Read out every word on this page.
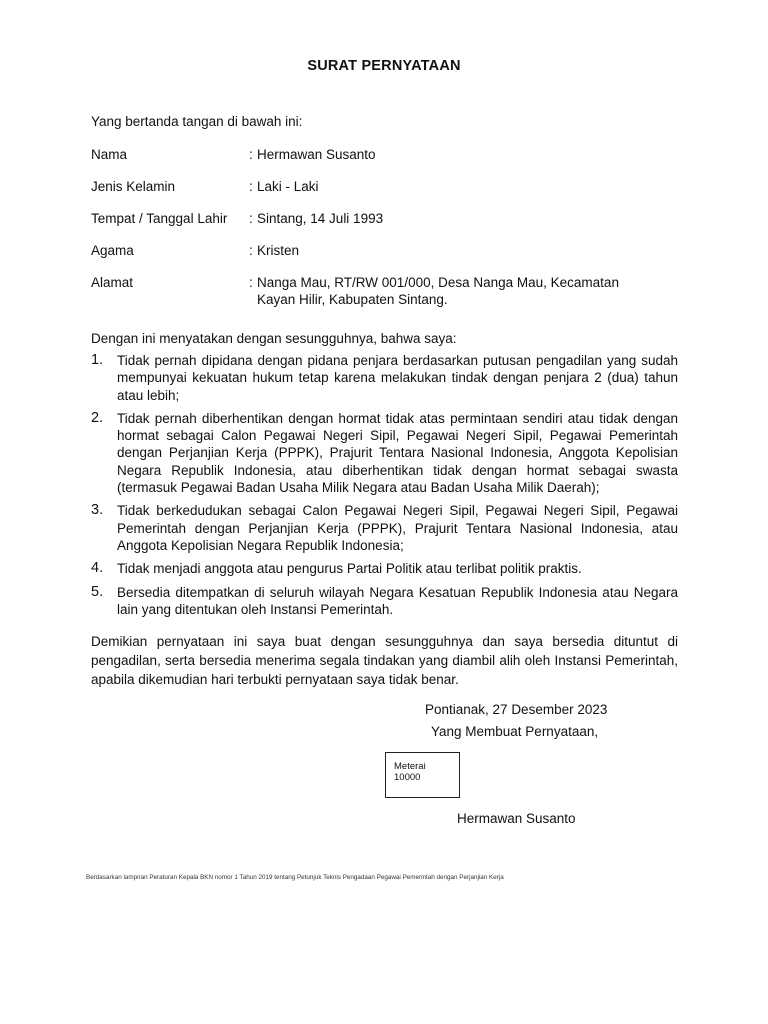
SURAT PERNYATAAN
Yang bertanda tangan di bawah ini:
Nama	: Hermawan Susanto
Jenis Kelamin	: Laki - Laki
Tempat / Tanggal Lahir	: Sintang, 14 Juli 1993
Agama	: Kristen
Alamat	: Nanga Mau, RT/RW 001/000, Desa Nanga Mau, Kecamatan Kayan Hilir, Kabupaten Sintang.
Dengan ini menyatakan dengan sesungguhnya, bahwa saya:
1.	Tidak pernah dipidana dengan pidana penjara berdasarkan putusan pengadilan yang sudah mempunyai kekuatan hukum tetap karena melakukan tindak dengan penjara 2 (dua) tahun atau lebih;
2.	Tidak pernah diberhentikan dengan hormat tidak atas permintaan sendiri atau tidak dengan hormat sebagai Calon Pegawai Negeri Sipil, Pegawai Negeri Sipil, Pegawai Pemerintah dengan Perjanjian Kerja (PPPK), Prajurit Tentara Nasional Indonesia, Anggota Kepolisian Negara Republik Indonesia, atau diberhentikan tidak dengan hormat sebagai swasta (termasuk Pegawai Badan Usaha Milik Negara atau Badan Usaha Milik Daerah);
3.	Tidak berkedudukan sebagai Calon Pegawai Negeri Sipil, Pegawai Negeri Sipil, Pegawai Pemerintah dengan Perjanjian Kerja (PPPK), Prajurit Tentara Nasional Indonesia, atau Anggota Kepolisian Negara Republik Indonesia;
4.	Tidak menjadi anggota atau pengurus Partai Politik atau terlibat politik praktis.
5.	Bersedia ditempatkan di seluruh wilayah Negara Kesatuan Republik Indonesia atau Negara lain yang ditentukan oleh Instansi Pemerintah.
Demikian pernyataan ini saya buat dengan sesungguhnya dan saya bersedia dituntut di pengadilan, serta bersedia menerima segala tindakan yang diambil alih oleh Instansi Pemerintah, apabila dikemudian hari terbukti pernyataan saya tidak benar.
Pontianak, 27 Desember 2023
Yang Membuat Pernyataan,
Meterai
10000
Hermawan Susanto
Berdasarkan lampiran Peraturan Kepala BKN nomor 1 Tahun 2019 tentang Petunjuk Teknis Pengadaan Pegawai Pemerintah dengan Perjanjian Kerja
